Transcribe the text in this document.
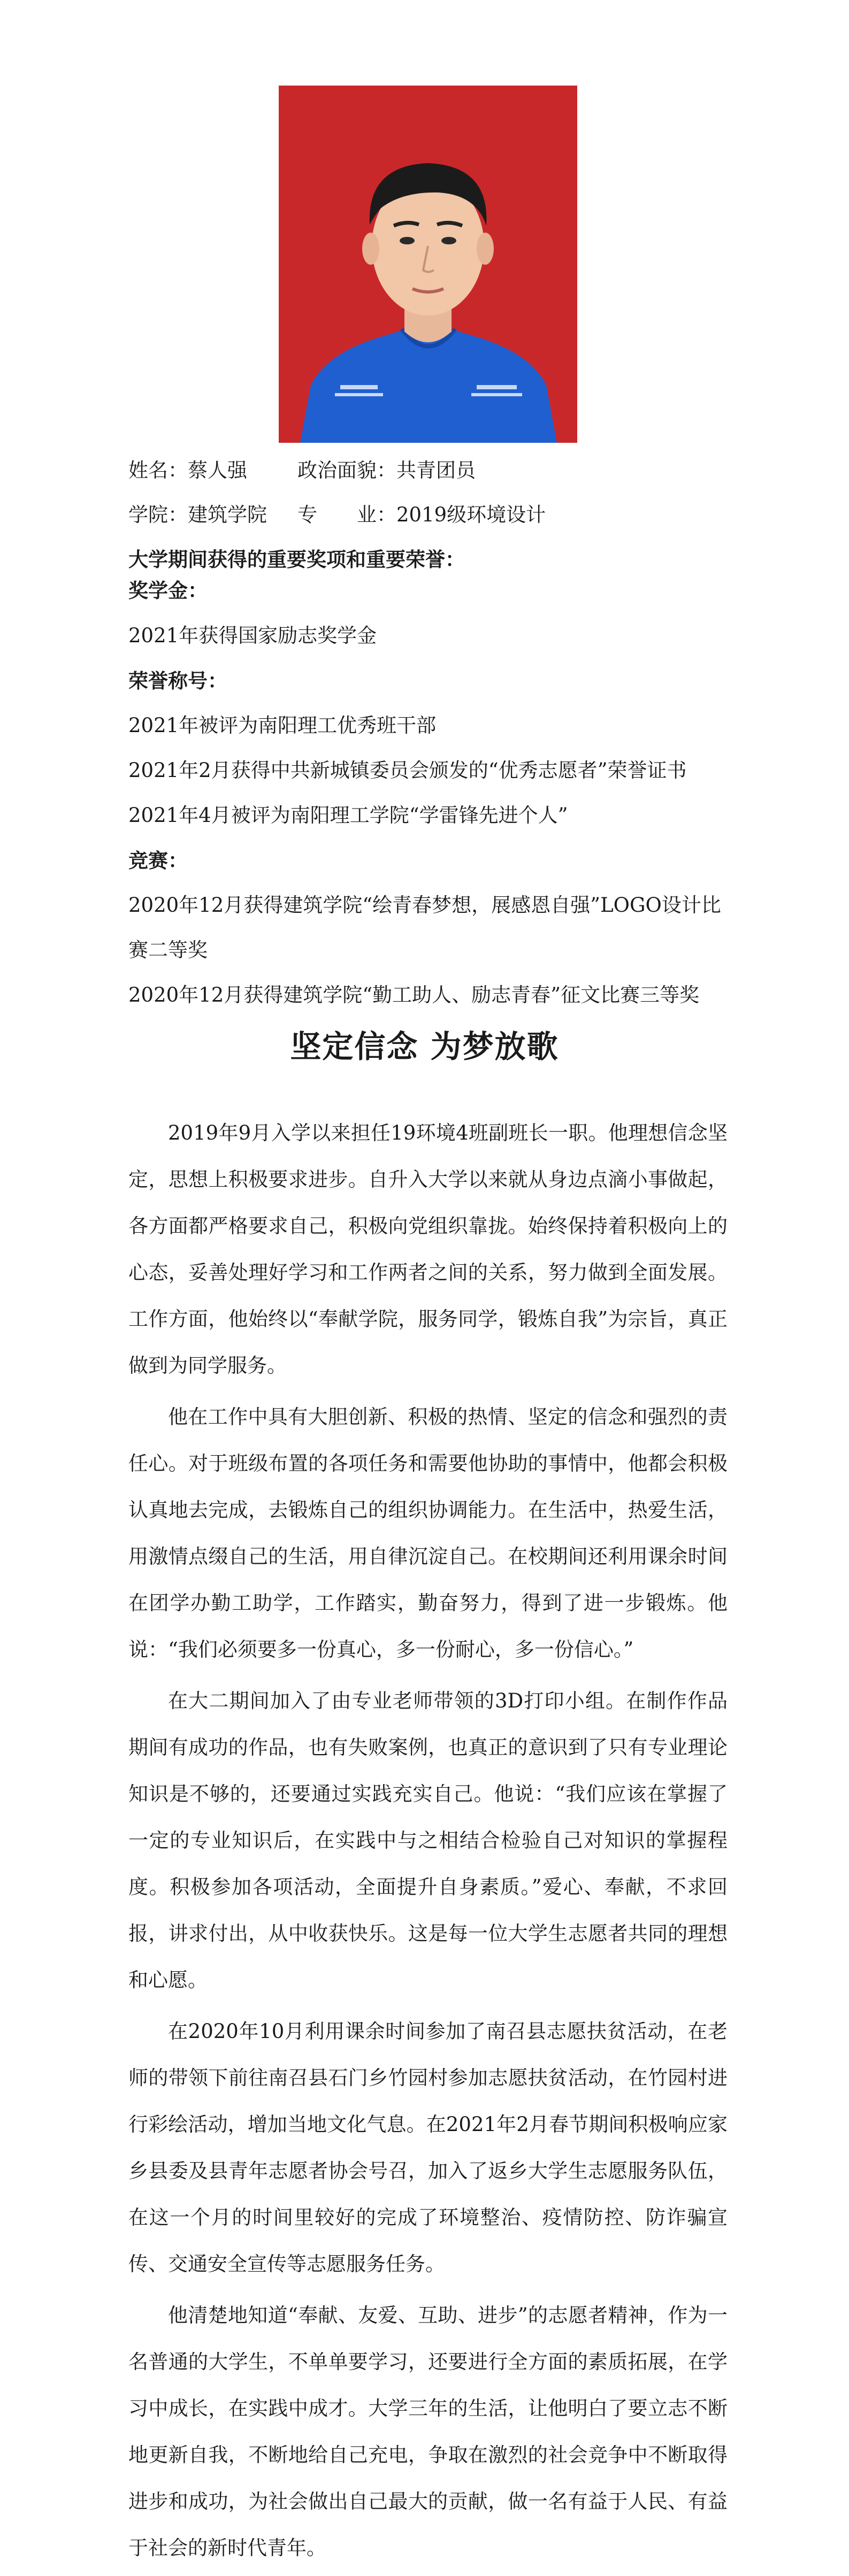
姓名：蔡人强	政治面貌：共青团员
学院：建筑学院 专　　业：2019级环境设计

大学期间获得的重要奖项和重要荣誉：

奖学金：

2021年获得国家励志奖学金

荣誉称号：

2021年被评为南阳理工优秀班干部

2021年2月获得中共新城镇委员会颁发的“优秀志愿者”荣誉证书

2021年4月被评为南阳理工学院“学雷锋先进个人”

竞赛：

2020年12月获得建筑学院“绘青春梦想，展感恩自强”LOGO设计比

赛二等奖

2020年12月获得建筑学院“勤工助人、励志青春”征文比赛三等奖

坚定信念 为梦放歌

2019年9月入学以来担任19环境4班副班长一职。他理想信念坚定，思想上积极要求进步。自升入大学以来就从身边点滴小事做起，各方面都严格要求自己，积极向党组织靠拢。始终保持着积极向上的心态，妥善处理好学习和工作两者之间的关系，努力做到全面发展。工作方面，他始终以“奉献学院，服务同学，锻炼自我”为宗旨，真正做到为同学服务。

他在工作中具有大胆创新、积极的热情、坚定的信念和强烈的责任心。对于班级布置的各项任务和需要他协助的事情中，他都会积极认真地去完成，去锻炼自己的组织协调能力。在生活中，热爱生活，用激情点缀自己的生活，用自律沉淀自己。在校期间还利用课余时间在团学办勤工助学，工作踏实，勤奋努力，得到了进一步锻炼。他说：“我们必须要多一份真心，多一份耐心，多一份信心。”

在大二期间加入了由专业老师带领的3D打印小组。在制作作品期间有成功的作品，也有失败案例，也真正的意识到了只有专业理论知识是不够的，还要通过实践充实自己。他说：“我们应该在掌握了一定的专业知识后，在实践中与之相结合检验自己对知识的掌握程度。积极参加各项活动，全面提升自身素质。”爱心、奉献，不求回报，讲求付出，从中收获快乐。这是每一位大学生志愿者共同的理想和心愿。

在2020年10月利用课余时间参加了南召县志愿扶贫活动，在老师的带领下前往南召县石门乡竹园村参加志愿扶贫活动，在竹园村进行彩绘活动，增加当地文化气息。在2021年2月春节期间积极响应家乡县委及县青年志愿者协会号召，加入了返乡大学生志愿服务队伍，在这一个月的时间里较好的完成了环境整治、疫情防控、防诈骗宣传、交通安全宣传等志愿服务任务。

他清楚地知道“奉献、友爱、互助、进步”的志愿者精神，作为一名普通的大学生，不单单要学习，还要进行全方面的素质拓展，在学习中成长，在实践中成才。大学三年的生活，让他明白了要立志不断地更新自我，不断地给自己充电，争取在激烈的社会竞争中不断取得进步和成功，为社会做出自己最大的贡献，做一名有益于人民、有益于社会的新时代青年。
